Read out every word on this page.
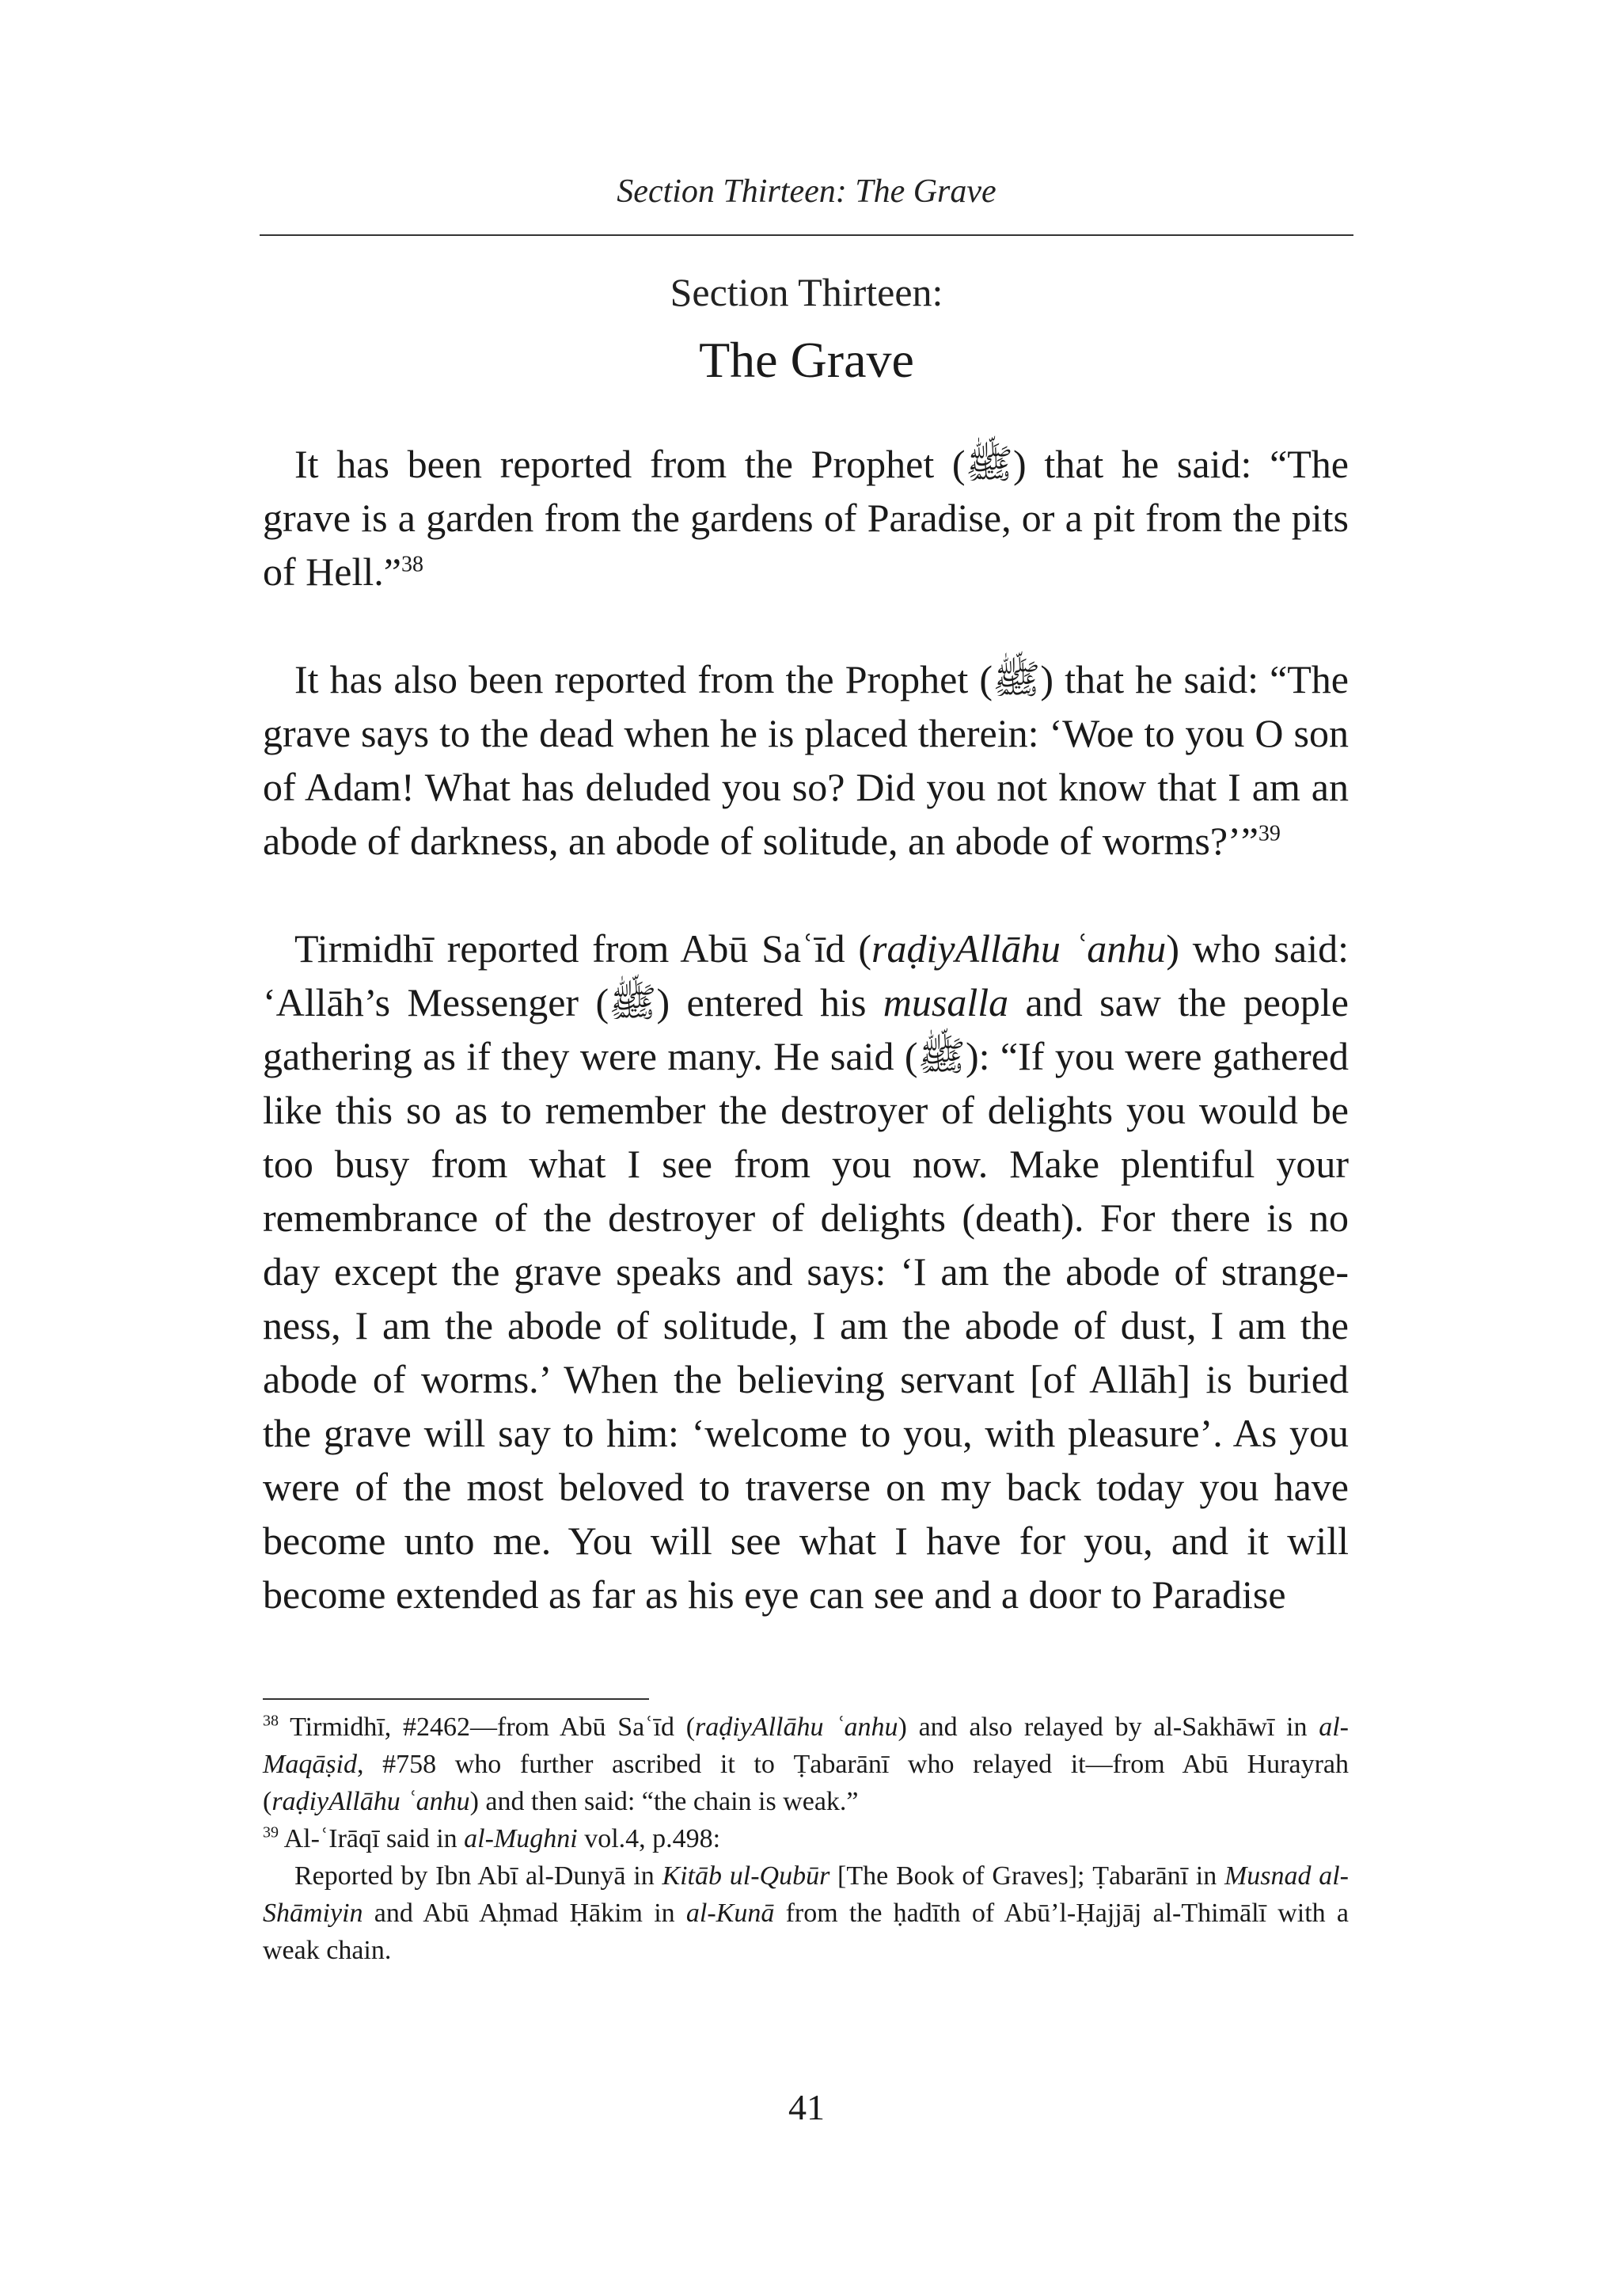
Section Thirteen: The Grave
Section Thirteen:
The Grave

It has been reported from the Prophet (ﷺ) that he said: “The grave is a garden from the gardens of Paradise, or a pit from the pits of Hell.”$^{38}$

It has also been reported from the Prophet (ﷺ) that he said: “The grave says to the dead when he is placed therein: ‘Woe to you O son of Adam! What has deluded you so? Did you not know that I am an abode of darkness, an abode of solitude, an abode of worms?’”$^{39}$

Tirmidhī reported from Abū Saʿīd (raḍiyAllāhu ʿanhu) who said: ‘Allāh’s Messenger (ﷺ) entered his musalla and saw the people gathering as if they were many. He said (ﷺ): “If you were gathered like this so as to remember the destroyer of delights you would be too busy from what I see from you now. Make plentiful your remembrance of the destroyer of delights (death). For there is no day except the grave speaks and says: ‘I am the abode of strange-ness, I am the abode of solitude, I am the abode of dust, I am the abode of worms.’ When the believing servant [of Allāh] is buried the grave will say to him: ‘welcome to you, with pleasure’. As you were of the most beloved to traverse on my back today you have become unto me. You will see what I have for you, and it will become extended as far as his eye can see and a door to Paradise

$^{38}$ Tirmidhī, #2462—from Abū Saʿīd (raḍiyAllāhu ʿanhu) and also relayed by al-Sakhāwī in al-Maqāṣid, #758 who further ascribed it to Ṭabarānī who relayed it—from Abū Hurayrah (raḍiyAllāhu ʿanhu) and then said: “the chain is weak.”

$^{39}$ Al-ʿIrāqī said in al-Mughni vol.4, p.498:

Reported by Ibn Abī al-Dunyā in Kitāb ul-Qubūr [The Book of Graves]; Ṭabarānī in Musnad al-Shāmiyin and Abū Aḥmad Ḥākim in al-Kunā from the ḥadīth of Abū’l-Ḥajjāj al-Thimālī with a weak chain.

41
